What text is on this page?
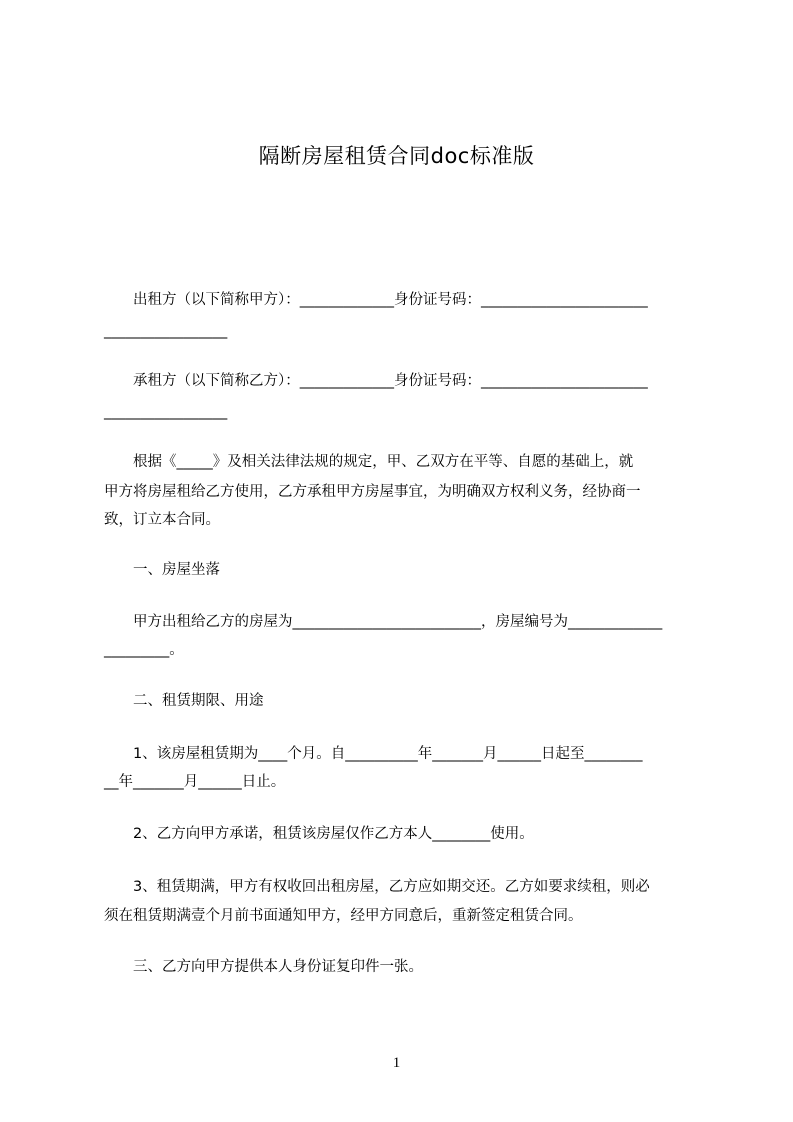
隔断房屋租赁合同doc标准版
　　出租方（以下简称甲方）：_____________身份证号码：_______________________
_________________
　　承租方（以下简称乙方）：_____________身份证号码：_______________________
_________________
　　根据《_____》及相关法律法规的规定，甲、乙双方在平等、自愿的基础上，就
甲方将房屋租给乙方使用，乙方承租甲方房屋事宜，为明确双方权利义务，经协商一
致，订立本合同。
　　一、房屋坐落
　　甲方出租给乙方的房屋为__________________________，房屋编号为_____________
_________。
　　二、租赁期限、用途
　　1、该房屋租赁期为____个月。自__________年_______月______日起至________
__年_______月______日止。
　　2、乙方向甲方承诺，租赁该房屋仅作乙方本人________使用。
　　3、租赁期满，甲方有权收回出租房屋，乙方应如期交还。乙方如要求续租，则必
须在租赁期满壹个月前书面通知甲方，经甲方同意后，重新签定租赁合同。
　　三、乙方向甲方提供本人身份证复印件一张。
1
